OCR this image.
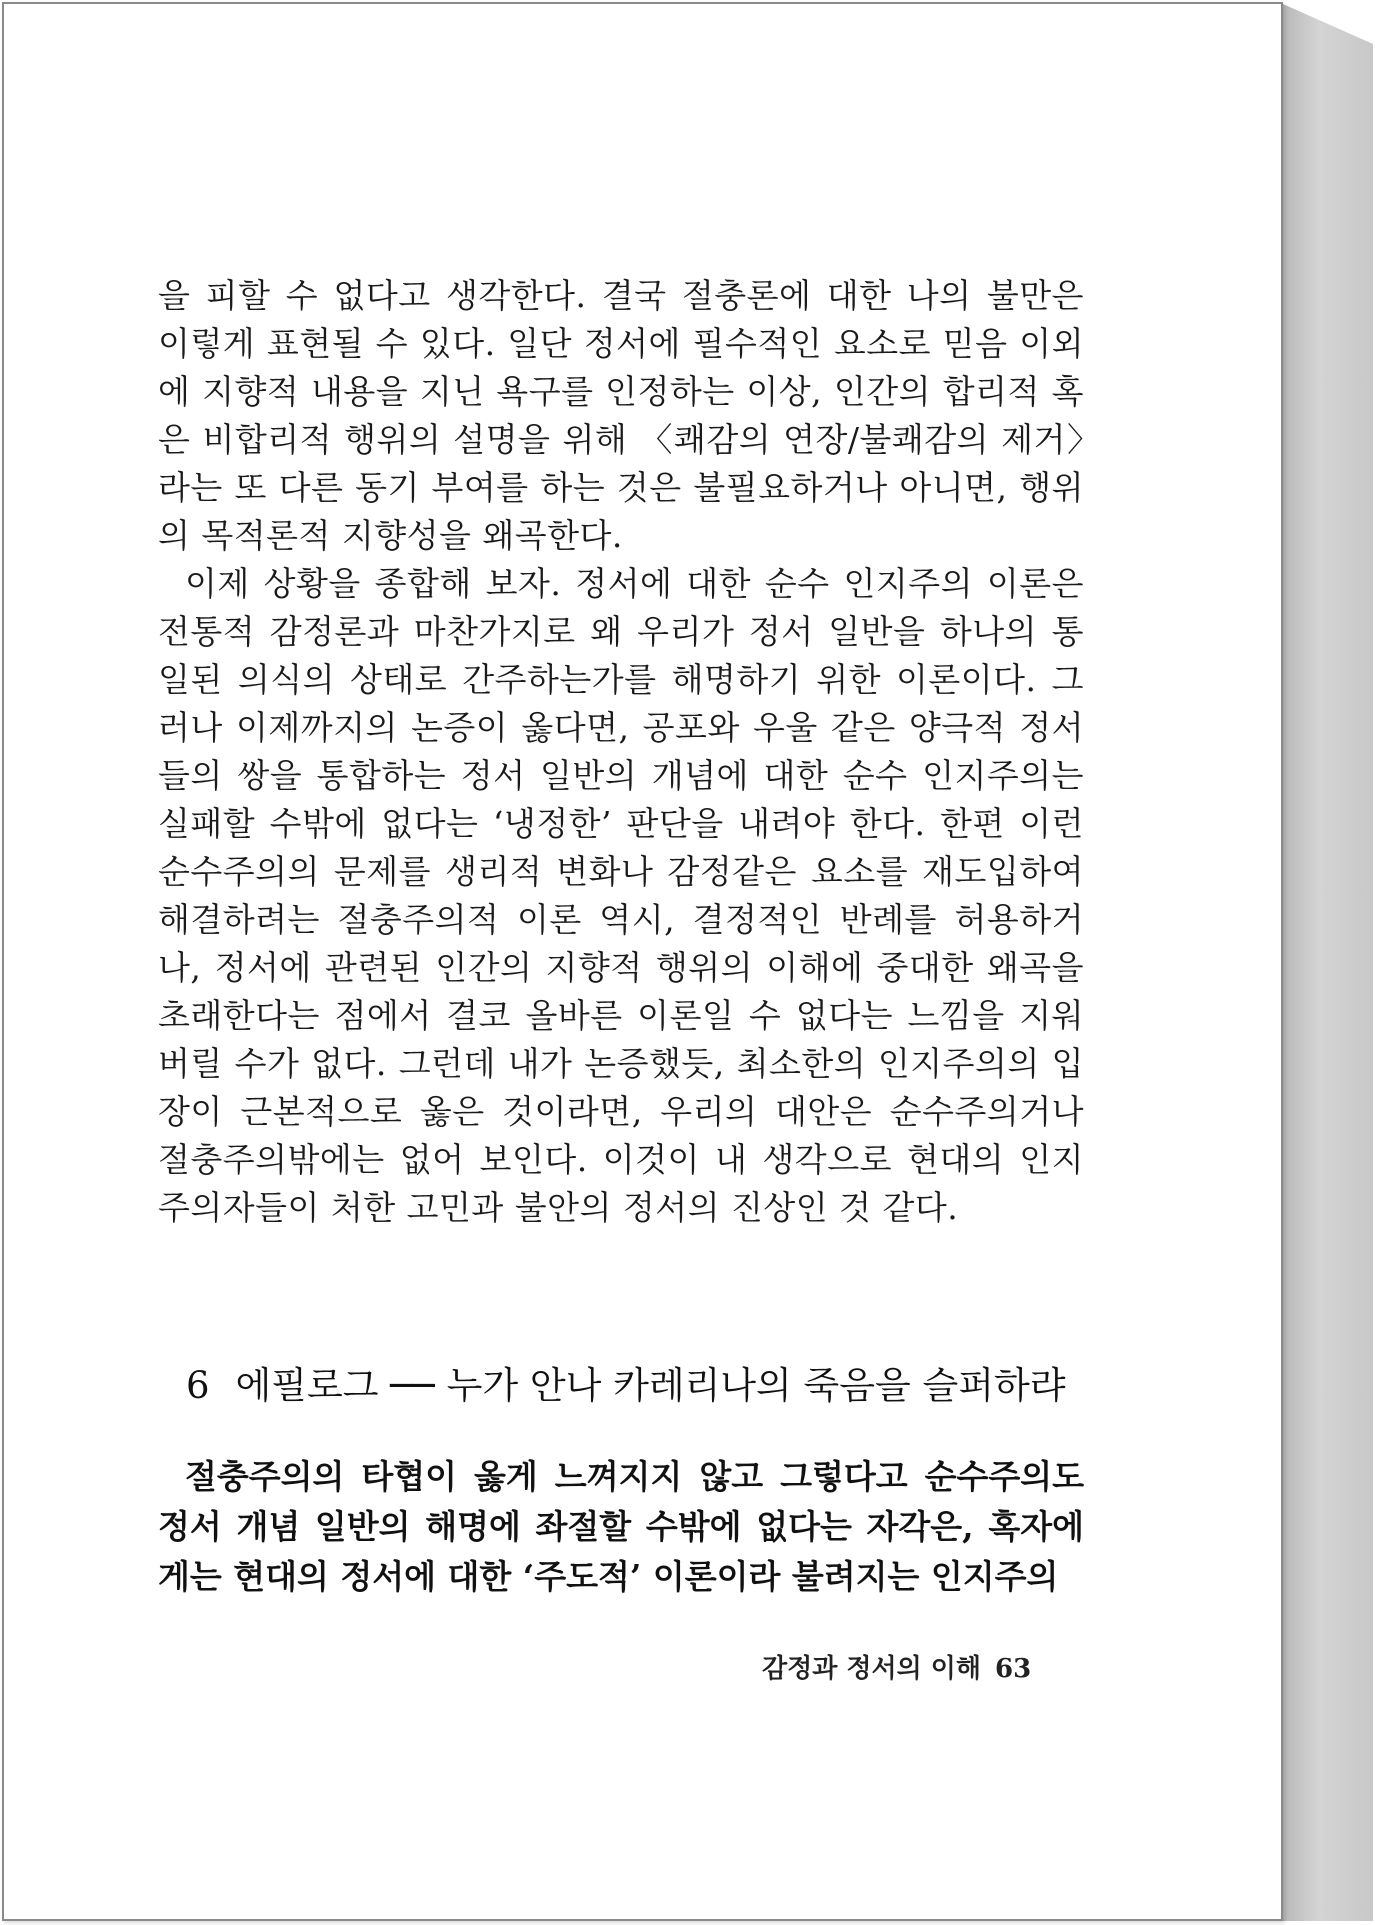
을 피할 수 없다고 생각한다. 결국 절충론에 대한 나의 불만은 이렇게 표현될 수 있다. 일단 정서에 필수적인 요소로 믿음 이외에 지향적 내용을 지닌 욕구를 인정하는 이상, 인간의 합리적 혹은 비합리적 행위의 설명을 위해 〈쾌감의 연장/불쾌감의 제거〉라는 또 다른 동기 부여를 하는 것은 불필요하거나 아니면, 행위의 목적론적 지향성을 왜곡한다.

이제 상황을 종합해 보자. 정서에 대한 순수 인지주의 이론은 전통적 감정론과 마찬가지로 왜 우리가 정서 일반을 하나의 통일된 의식의 상태로 간주하는가를 해명하기 위한 이론이다. 그러나 이제까지의 논증이 옳다면, 공포와 우울 같은 양극적 정서들의 쌍을 통합하는 정서 일반의 개념에 대한 순수 인지주의는 실패할 수밖에 없다는 ‘냉정한’ 판단을 내려야 한다. 한편 이런 순수주의의 문제를 생리적 변화나 감정같은 요소를 재도입하여 해결하려는 절충주의적 이론 역시, 결정적인 반례를 허용하거나, 정서에 관련된 인간의 지향적 행위의 이해에 중대한 왜곡을 초래한다는 점에서 결코 올바른 이론일 수 없다는 느낌을 지워버릴 수가 없다. 그런데 내가 논증했듯, 최소한의 인지주의의 입장이 근본적으로 옳은 것이라면, 우리의 대안은 순수주의거나 절충주의밖에는 없어 보인다. 이것이 내 생각으로 현대의 인지주의자들이 처한 고민과 불안의 정서의 진상인 것 같다.

6 에필로그 ── 누가 안나 카레리나의 죽음을 슬퍼하랴

절충주의의 타협이 옳게 느껴지지 않고 그렇다고 순수주의도 정서 개념 일반의 해명에 좌절할 수밖에 없다는 자각은, 혹자에게는 현대의 정서에 대한 ‘주도적’ 이론이라 불려지는 인지주의

감정과 정서의 이해 63
